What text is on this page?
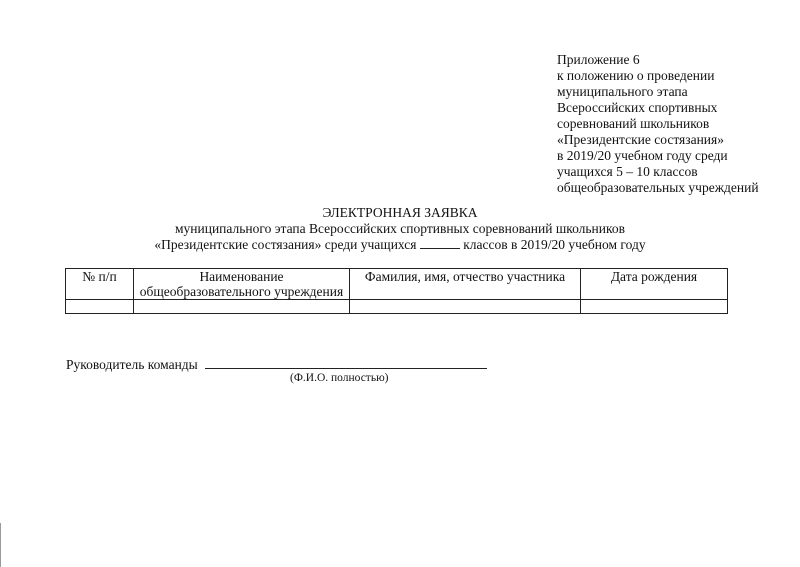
Приложение 6
к положению о проведении
муниципального этапа
Всероссийских спортивных
соревнований школьников
«Президентские состязания»
в 2019/20 учебном году среди
учащихся 5 – 10 классов
общеобразовательных учреждений
ЭЛЕКТРОННАЯ ЗАЯВКА
муниципального этапа Всероссийских спортивных соревнований школьников
«Президентские состязания» среди учащихся	классов в 2019/20 учебном году
№ п/п	Наименование общеобразовательного учреждения	Фамилия, имя, отчество участника	Дата рождения

Руководитель команды
(Ф.И.О. полностью)
